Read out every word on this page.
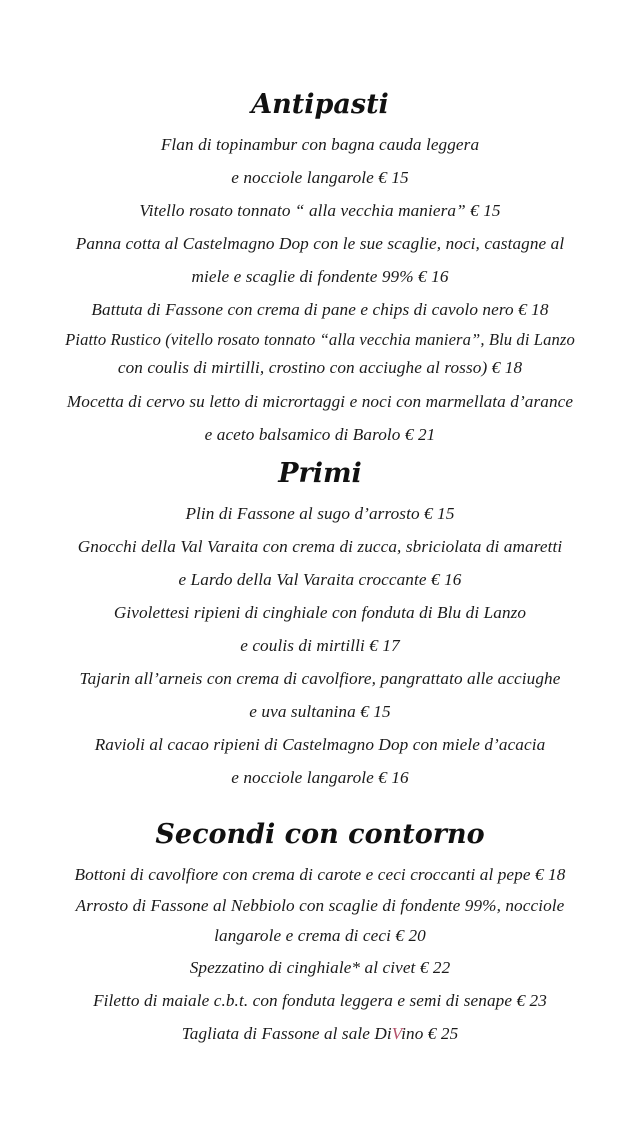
Antipasti

Flan di topinambur con bagna cauda leggera
e nocciole langarole € 15

Vitello rosato tonnato “ alla vecchia maniera” € 15

Panna cotta al Castelmagno Dop con le sue scaglie, noci, castagne al
miele e scaglie di fondente 99% € 16

Battuta di Fassone con crema di pane e chips di cavolo nero € 18

Piatto Rustico (vitello rosato tonnato “alla vecchia maniera”, Blu di Lanzo
con coulis di mirtilli, crostino con acciughe al rosso) € 18

Mocetta di cervo su letto di micrortaggi e noci con marmellata d’arance
e aceto balsamico di Barolo € 21

Primi

Plin di Fassone al sugo d’arrosto € 15

Gnocchi della Val Varaita con crema di zucca, sbriciolata di amaretti
e Lardo della Val Varaita croccante € 16

Givolettesi ripieni di cinghiale con fonduta di Blu di Lanzo
e coulis di mirtilli € 17

Tajarin all’arneis con crema di cavolfiore, pangrattato alle acciughe
e uva sultanina € 15

Ravioli al cacao ripieni di Castelmagno Dop con miele d’acacia
e nocciole langarole € 16

Secondi con contorno

Bottoni di cavolfiore con crema di carote e ceci croccanti al pepe € 18

Arrosto di Fassone al Nebbiolo con scaglie di fondente 99%, nocciole
langarole e crema di ceci € 20

Spezzatino di cinghiale* al civet € 22

Filetto di maiale c.b.t. con fonduta leggera e semi di senape € 23

Tagliata di Fassone al sale DiVino € 25
